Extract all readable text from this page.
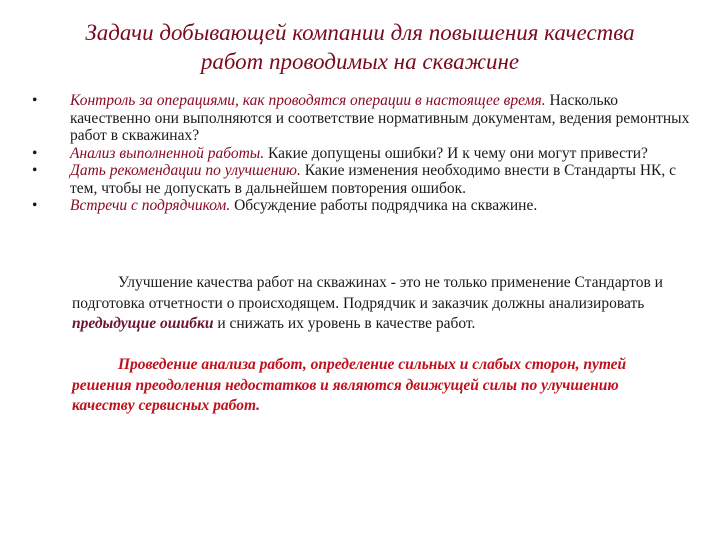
Задачи добывающей компании для повышения качества
работ проводимых на скважине
• Контроль за операциями, как проводятся операции в настоящее время. Насколько качественно они выполняются и соответствие нормативным документам, ведения ремонтных работ в скважинах?
• Анализ выполненной работы. Какие допущены ошибки? И к чему они могут привести?
• Дать рекомендации по улучшению. Какие изменения необходимо внести в Стандарты НК, с тем, чтобы не допускать в дальнейшем повторения ошибок.
• Встречи с подрядчиком. Обсуждение работы подрядчика на скважине.

Улучшение качества работ на скважинах - это не только применение Стандартов и подготовка отчетности о происходящем. Подрядчик и заказчик должны анализировать предыдущие ошибки и снижать их уровень в качестве работ.

Проведение анализа работ, определение сильных и слабых сторон, путей решения преодоления недостатков и являются движущей силы по улучшению качеству сервисных работ.
